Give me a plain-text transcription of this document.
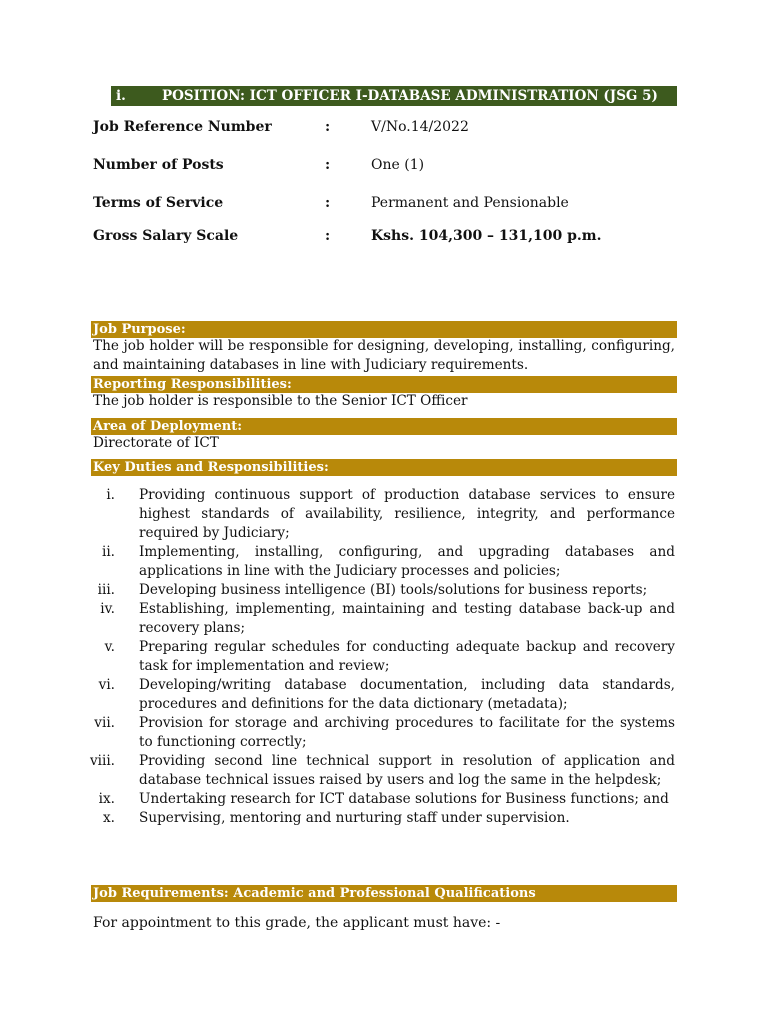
i.	POSITION: ICT OFFICER I-DATABASE ADMINISTRATION (JSG 5)
Job Reference Number	:	V/No.14/2022
Number of Posts	:	One (1)
Terms of Service	:	Permanent and Pensionable
Gross Salary Scale	:	Kshs. 104,300 – 131,100 p.m.
Job Purpose:
The job holder will be responsible for designing, developing, installing, configuring, and maintaining databases in line with Judiciary requirements.
Reporting Responsibilities:
The job holder is responsible to the Senior ICT Officer
Area of Deployment:
Directorate of ICT
Key Duties and Responsibilities:
i. Providing continuous support of production database services to ensure highest standards of availability, resilience, integrity, and performance required by Judiciary;
ii. Implementing, installing, configuring, and upgrading databases and applications in line with the Judiciary processes and policies;
iii. Developing business intelligence (BI) tools/solutions for business reports;
iv. Establishing, implementing, maintaining and testing database back-up and recovery plans;
v. Preparing regular schedules for conducting adequate backup and recovery task for implementation and review;
vi. Developing/writing database documentation, including data standards, procedures and definitions for the data dictionary (metadata);
vii. Provision for storage and archiving procedures to facilitate for the systems to functioning correctly;
viii. Providing second line technical support in resolution of application and database technical issues raised by users and log the same in the helpdesk;
ix. Undertaking research for ICT database solutions for Business functions; and
x. Supervising, mentoring and nurturing staff under supervision.
Job Requirements: Academic and Professional Qualifications
For appointment to this grade, the applicant must have: -
